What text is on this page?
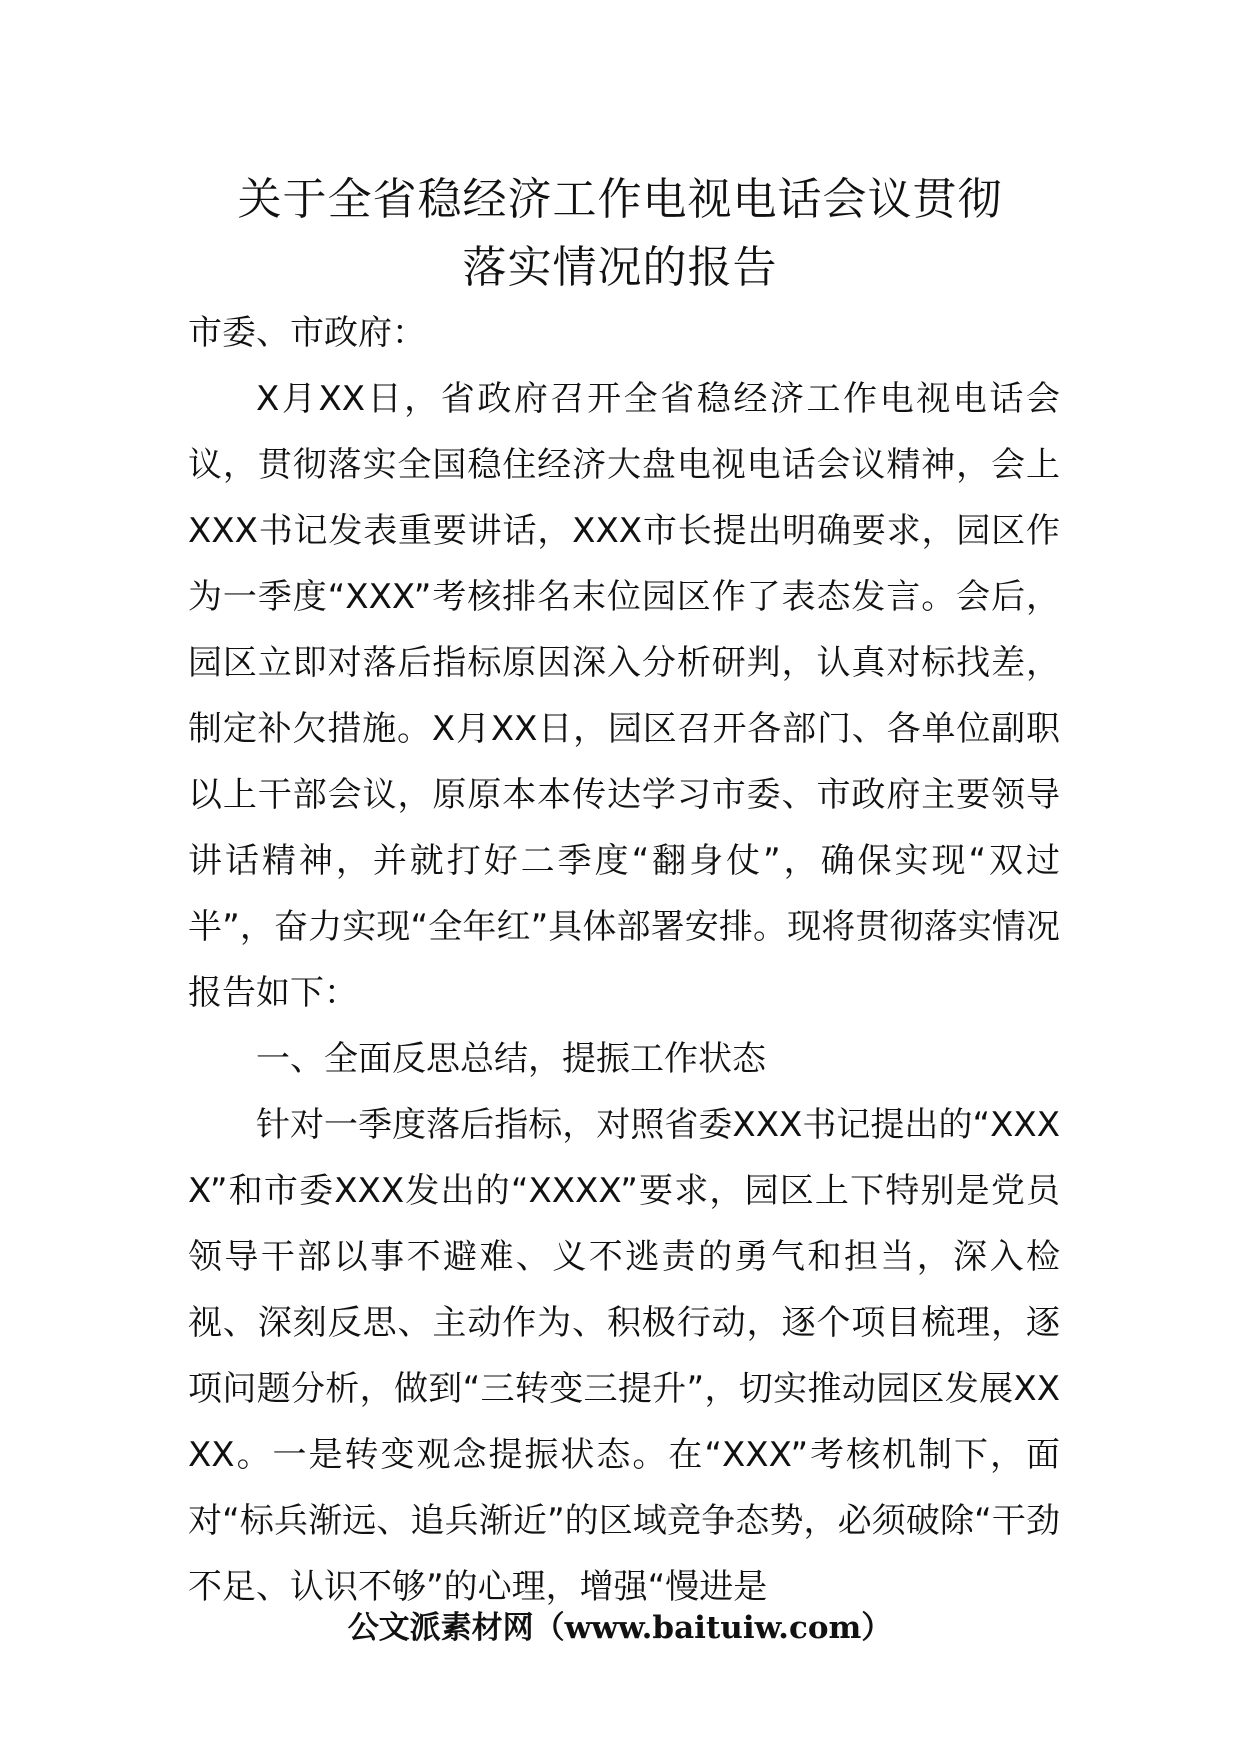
关于全省稳经济工作电视电话会议贯彻
落实情况的报告

市委、市政府：

X月XX日，省政府召开全省稳经济工作电视电话会议，贯彻落实全国稳住经济大盘电视电话会议精神，会上XXX书记发表重要讲话，XXX市长提出明确要求，园区作为一季度“XXX”考核排名末位园区作了表态发言。会后，园区立即对落后指标原因深入分析研判，认真对标找差，制定补欠措施。X月XX日，园区召开各部门、各单位副职以上干部会议，原原本本传达学习市委、市政府主要领导讲话精神，并就打好二季度“翻身仗”，确保实现“双过半”，奋力实现“全年红”具体部署安排。现将贯彻落实情况报告如下：

一、全面反思总结，提振工作状态

针对一季度落后指标，对照省委XXX书记提出的“XXXX”和市委XXX发出的“XXXX”要求，园区上下特别是党员领导干部以事不避难、义不逃责的勇气和担当，深入检视、深刻反思、主动作为、积极行动，逐个项目梳理，逐项问题分析，做到“三转变三提升”，切实推动园区发展XXXX。一是转变观念提振状态。在“XXX”考核机制下，面对“标兵渐远、追兵渐近”的区域竞争态势，必须破除“干劲不足、认识不够”的心理，增强“慢进是

公文派素材网（www.baituiw.com）
